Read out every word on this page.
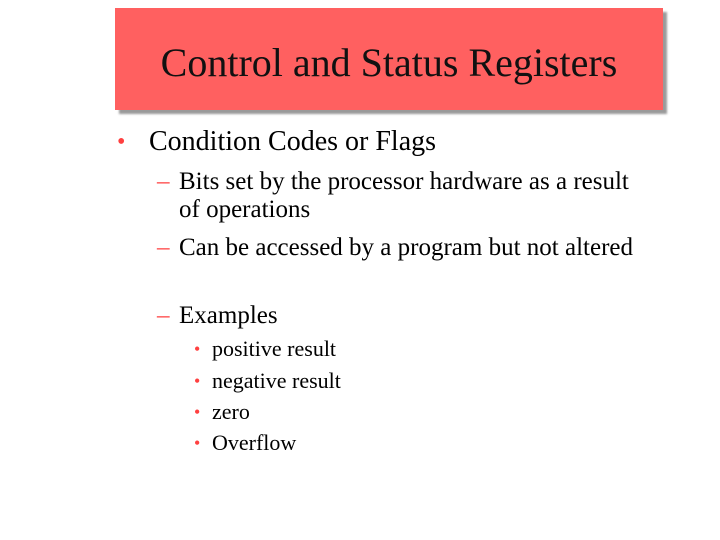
Control and Status Registers
• Condition Codes or Flags
– Bits set by the processor hardware as a result of operations
– Can be accessed by a program but not altered
– Examples
• positive result
• negative result
• zero
• Overflow
